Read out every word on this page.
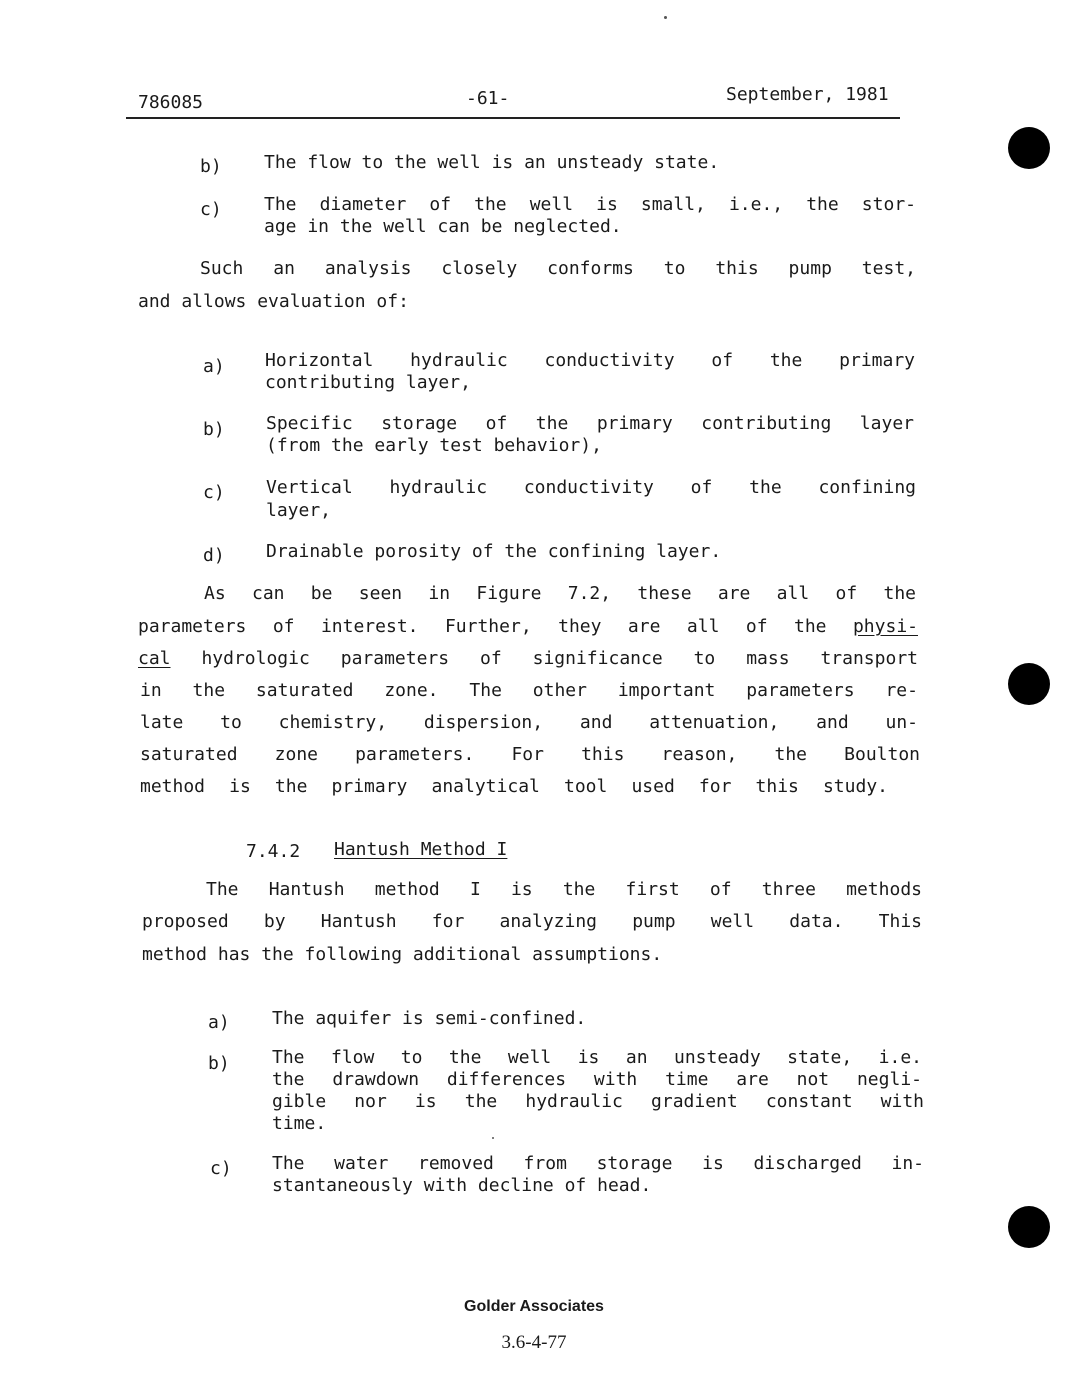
786085	-61-	September, 1981
b) The flow to the well is an unsteady state.
c) The diameter of the well is small, i.e., the stor-
age in the well can be neglected.
Such an analysis closely conforms to this pump test,
and allows evaluation of:
a) Horizontal hydraulic conductivity of the primary
contributing layer,
b) Specific storage of the primary contributing layer
(from the early test behavior),
c) Vertical hydraulic conductivity of the confining
layer,
d) Drainable porosity of the confining layer.
As can be seen in Figure 7.2, these are all of the
parameters of interest. Further, they are all of the physi-
cal hydrologic parameters of significance to mass transport
in the saturated zone. The other important parameters re-
late to chemistry, dispersion, and attenuation, and un-
saturated zone parameters. For this reason, the Boulton
method is the primary analytical tool used for this study.
7.4.2 Hantush Method I
The Hantush method I is the first of three methods
proposed by Hantush for analyzing pump well data. This
method has the following additional assumptions.
a) The aquifer is semi-confined.
b) The flow to the well is an unsteady state, i.e.
the drawdown differences with time are not negli-
gible nor is the hydraulic gradient constant with
time.
c) The water removed from storage is discharged in-
stantaneously with decline of head.
Golder Associates
3.6-4-77
